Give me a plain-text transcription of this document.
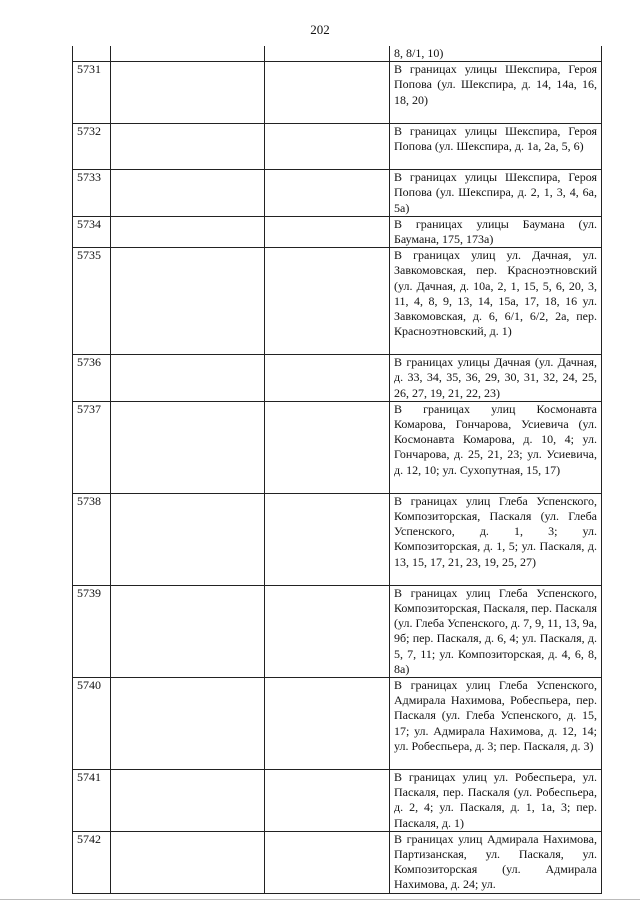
202
			8, 8/1, 10)
5731			В границах улицы Шекспира, Героя Попова (ул. Шекспира, д. 14, 14а, 16, 18, 20)
5732			В границах улицы Шекспира, Героя Попова (ул. Шекспира, д. 1а, 2а, 5, 6)
5733			В границах улицы Шекспира, Героя Попова (ул. Шекспира, д. 2, 1, 3, 4, 6а, 5а)
5734			В границах улицы Баумана (ул. Баумана, 175, 173а)
5735			В границах улиц ул. Дачная, ул. Завкомовская, пер. Красноэтновский (ул. Дачная, д. 10а, 2, 1, 15, 5, 6, 20, 3, 11, 4, 8, 9, 13, 14, 15а, 17, 18, 16 ул. Завкомовская, д. 6, 6/1, 6/2, 2а, пер. Красноэтновский, д. 1)
5736			В границах улицы Дачная (ул. Дачная, д. 33, 34, 35, 36, 29, 30, 31, 32, 24, 25, 26, 27, 19, 21, 22, 23)
5737			В границах улиц Космонавта Комарова, Гончарова, Усиевича (ул. Космонавта Комарова, д. 10, 4; ул. Гончарова, д. 25, 21, 23; ул. Усиевича, д. 12, 10; ул. Сухопутная, 15, 17)
5738			В границах улиц Глеба Успенского, Композиторская, Паскаля (ул. Глеба Успенского, д. 1, 3; ул. Композиторская, д. 1, 5; ул. Паскаля, д. 13, 15, 17, 21, 23, 19, 25, 27)
5739			В границах улиц Глеба Успенского, Композиторская, Паскаля, пер. Паскаля (ул. Глеба Успенского, д. 7, 9, 11, 13, 9а, 9б; пер. Паскаля, д. 6, 4; ул. Паскаля, д. 5, 7, 11; ул. Композиторская, д. 4, 6, 8, 8а)
5740			В границах улиц Глеба Успенского, Адмирала Нахимова, Робеспьера, пер. Паскаля (ул. Глеба Успенского, д. 15, 17; ул. Адмирала Нахимова, д. 12, 14; ул. Робеспьера, д. 3; пер. Паскаля, д. 3)
5741			В границах улиц ул. Робеспьера, ул. Паскаля, пер. Паскаля (ул. Робеспьера, д. 2, 4; ул. Паскаля, д. 1, 1а, 3; пер. Паскаля, д. 1)
5742			В границах улиц Адмирала Нахимова, Партизанская, ул. Паскаля, ул. Композиторская (ул. Адмирала Нахимова, д. 24; ул.
